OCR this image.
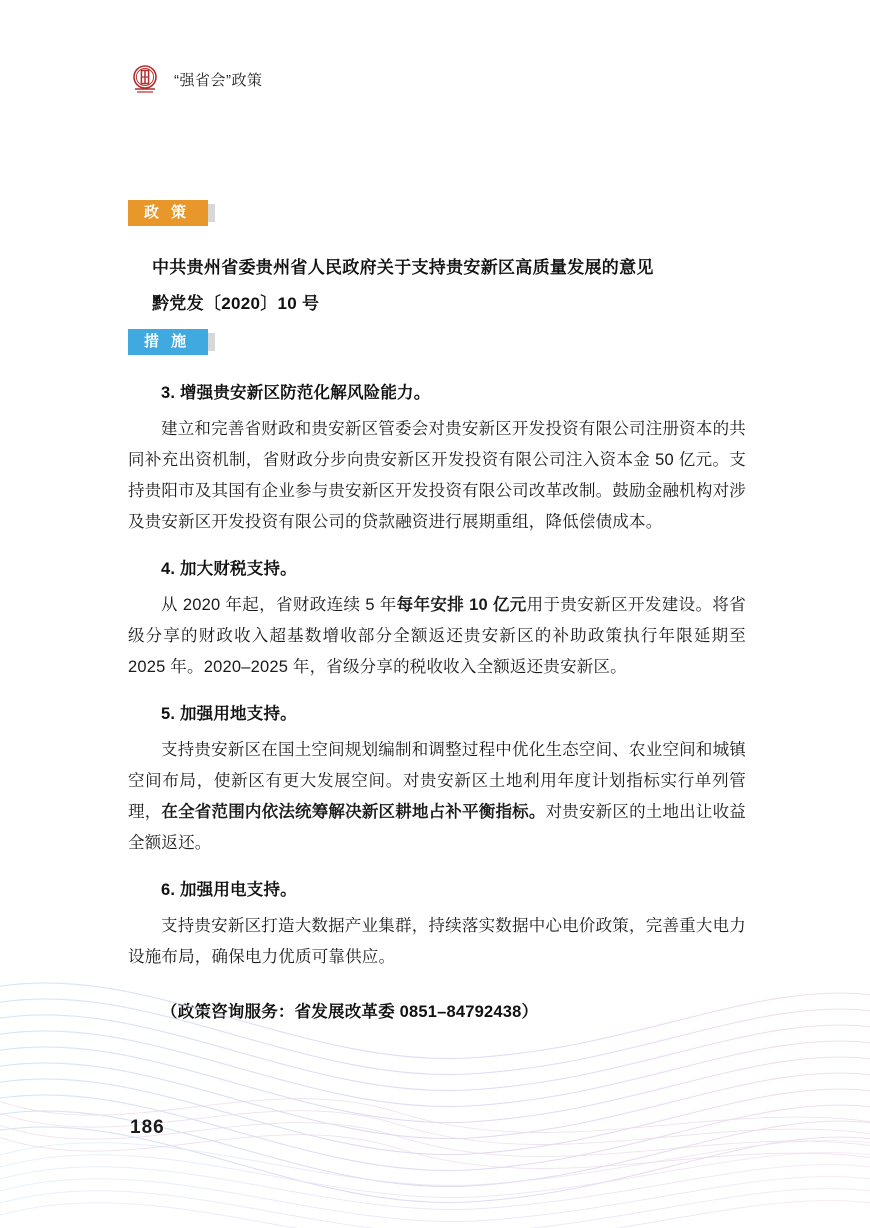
“强省会”政策
政 策
中共贵州省委贵州省人民政府关于支持贵安新区高质量发展的意见
黔党发〔2020〕10 号
措 施
3. 增强贵安新区防范化解风险能力。

建立和完善省财政和贵安新区管委会对贵安新区开发投资有限公司注册资本的共同补充出资机制，省财政分步向贵安新区开发投资有限公司注入资本金 50 亿元。支持贵阳市及其国有企业参与贵安新区开发投资有限公司改革改制。鼓励金融机构对涉及贵安新区开发投资有限公司的贷款融资进行展期重组，降低偿债成本。

4. 加大财税支持。

从 2020 年起，省财政连续 5 年每年安排 10 亿元用于贵安新区开发建设。将省级分享的财政收入超基数增收部分全额返还贵安新区的补助政策执行年限延期至 2025 年。2020–2025 年，省级分享的税收收入全额返还贵安新区。

5. 加强用地支持。

支持贵安新区在国土空间规划编制和调整过程中优化生态空间、农业空间和城镇空间布局，使新区有更大发展空间。对贵安新区土地利用年度计划指标实行单列管理，在全省范围内依法统筹解决新区耕地占补平衡指标。对贵安新区的土地出让收益全额返还。

6. 加强用电支持。

支持贵安新区打造大数据产业集群，持续落实数据中心电价政策，完善重大电力设施布局，确保电力优质可靠供应。

（政策咨询服务：省发展改革委 0851–84792438）
186
